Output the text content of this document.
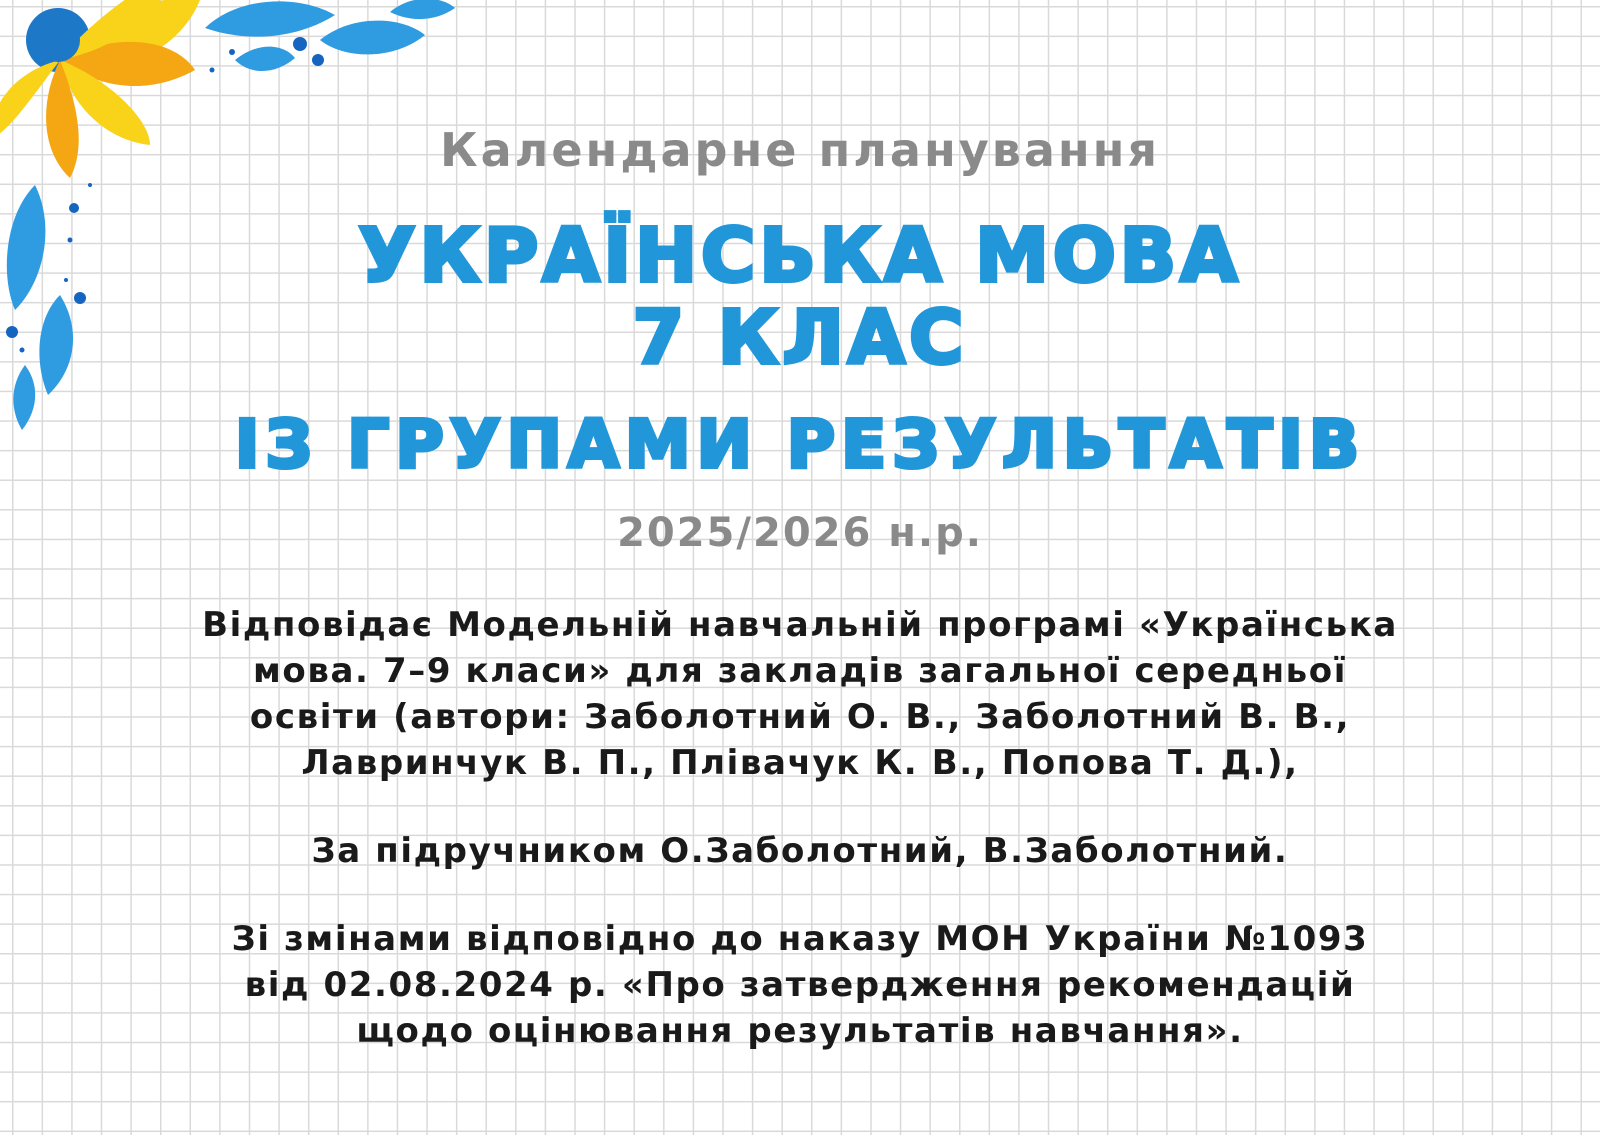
Календарне планування

УКРАЇНСЬКА МОВА

7 КЛАС

ІЗ ГРУПАМИ РЕЗУЛЬТАТІВ

2025/2026 н.р.

Відповідає Модельній навчальній програмі «Українська
мова. 7–9 класи» для закладів загальної середньої
освіти (автори: Заболотний О. В., Заболотний В. В.,
Лавринчук В. П., Плівачук К. В., Попова Т. Д.),

За підручником О.Заболотний, В.Заболотний.

Зі змінами відповідно до наказу МОН України №1093
від 02.08.2024 р. «Про затвердження рекомендацій
щодо оцінювання результатів навчання».
